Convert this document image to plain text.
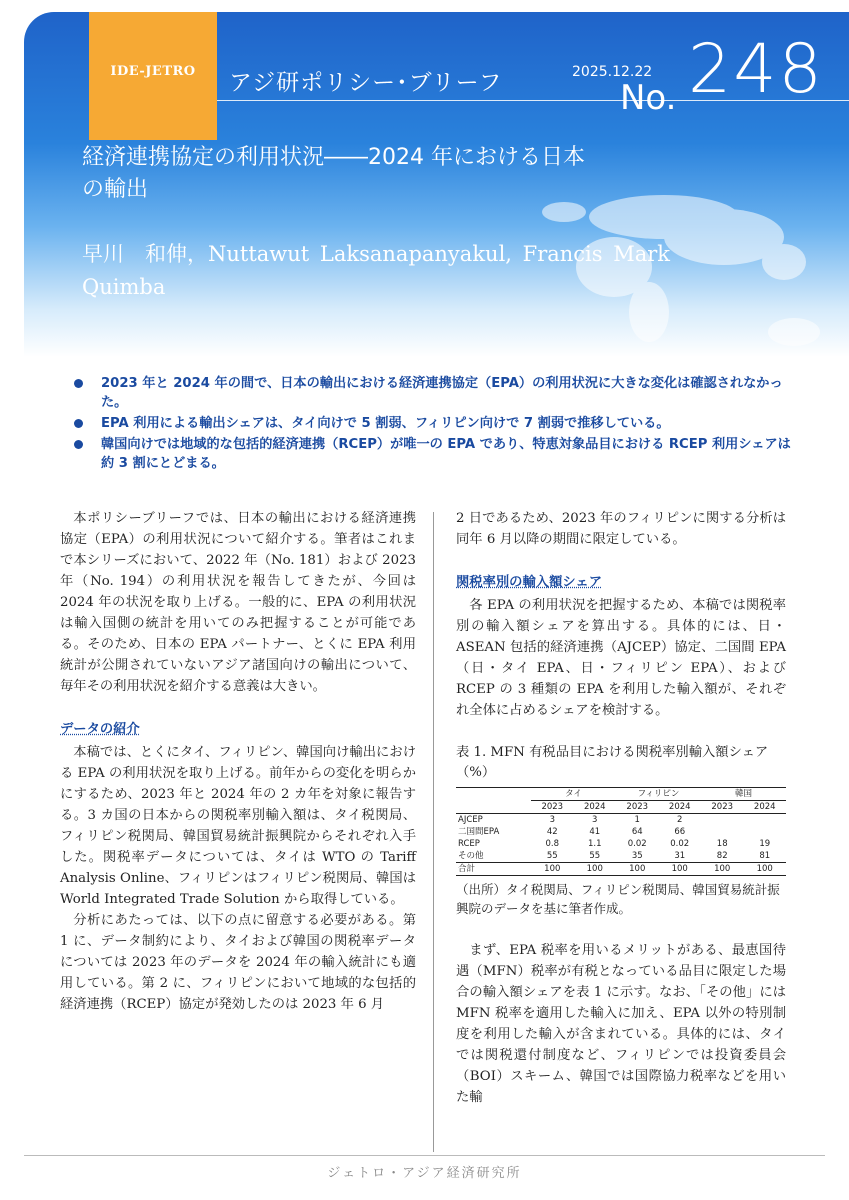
IDE-JETRO	アジ研ポリシー･ブリーフ	2025.12.22
No. 248
経済連携協定の利用状況――2024 年における日本
の輸出
早川　和伸，Nuttawut Laksanapanyakul, Francis Mark
Quimba
2023 年と 2024 年の間で、日本の輸出における経済連携協定（EPA）の利用状況に大きな変化は確認されなかった。
EPA 利用による輸出シェアは、タイ向けで 5 割弱、フィリピン向けで 7 割弱で推移している。
韓国向けでは地域的な包括的経済連携（RCEP）が唯一の EPA であり、特恵対象品目における RCEP 利用シェアは約 3 割にとどまる。

本ポリシーブリーフでは、日本の輸出における経済連携協定（EPA）の利用状況について紹介する。筆者はこれまで本シリーズにおいて、2022 年（No. 181）および 2023 年（No. 194）の利用状況を報告してきたが、今回は 2024 年の状況を取り上げる。一般的に、EPA の利用状況は輸入国側の統計を用いてのみ把握することが可能である。そのため、日本の EPA パートナー、とくに EPA 利用統計が公開されていないアジア諸国向けの輸出について、毎年その利用状況を紹介する意義は大きい。

データの紹介

本稿では、とくにタイ、フィリピン、韓国向け輸出における EPA の利用状況を取り上げる。前年からの変化を明らかにするため、2023 年と 2024 年の 2 カ年を対象に報告する。3 カ国の日本からの関税率別輸入額は、タイ税関局、フィリピン税関局、韓国貿易統計振興院からそれぞれ入手した。関税率データについては、タイは WTO の Tariff Analysis Online、フィリピンはフィリピン税関局、韓国は World Integrated Trade Solution から取得している。

分析にあたっては、以下の点に留意する必要がある。第 1 に、データ制約により、タイおよび韓国の関税率データについては 2023 年のデータを 2024 年の輸入統計にも適用している。第 2 に、フィリピンにおいて地域的な包括的経済連携（RCEP）協定が発効したのは 2023 年 6 月

2 日であるため、2023 年のフィリピンに関する分析は同年 6 月以降の期間に限定している。

関税率別の輸入額シェア

各 EPA の利用状況を把握するため、本稿では関税率別の輸入額シェアを算出する。具体的には、日・ASEAN 包括的経済連携（AJCEP）協定、二国間 EPA（日・タイ EPA、日・フィリピン EPA）、および RCEP の 3 種類の EPA を利用した輸入額が、それぞれ全体に占めるシェアを検討する。

表 1. MFN 有税品目における関税率別輸入額シェア（%）
	タイ		フィリピン		韓国	
	2023	2024	2023	2024	2023	2024
AJCEP	3	3	1	2		
二国間EPA	42	41	64	66		
RCEP	0.8	1.1	0.02	0.02	18	19
その他	55	55	35	31	82	81
合計	100	100	100	100	100	100

（出所）タイ税関局、フィリピン税関局、韓国貿易統計振興院のデータを基に筆者作成。

まず、EPA 税率を用いるメリットがある、最恵国待遇（MFN）税率が有税となっている品目に限定した場合の輸入額シェアを表 1 に示す。なお、「その他」には MFN 税率を適用した輸入に加え、EPA 以外の特別制度を利用した輸入が含まれている。具体的には、タイでは関税還付制度など、フィリピンでは投資委員会（BOI）スキーム、韓国では国際協力税率などを用いた輸

ジェトロ・アジア経済研究所
